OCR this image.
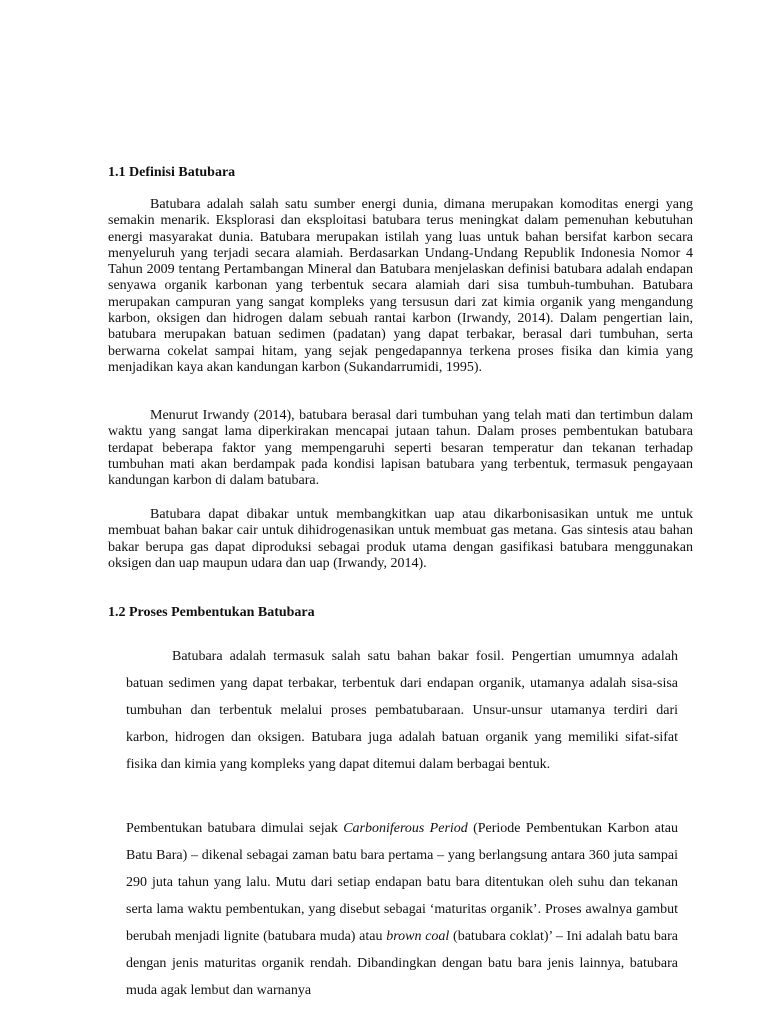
1.1 Definisi Batubara

Batubara adalah salah satu sumber energi dunia, dimana merupakan komoditas energi yang semakin menarik. Eksplorasi dan eksploitasi batubara terus meningkat dalam pemenuhan kebutuhan energi masyarakat dunia. Batubara merupakan istilah yang luas untuk bahan bersifat karbon secara menyeluruh yang terjadi secara alamiah. Berdasarkan Undang-Undang Republik Indonesia Nomor 4 Tahun 2009 tentang Pertambangan Mineral dan Batubara menjelaskan definisi batubara adalah endapan senyawa organik karbonan yang terbentuk secara alamiah dari sisa tumbuh-tumbuhan. Batubara merupakan campuran yang sangat kompleks yang tersusun dari zat kimia organik yang mengandung karbon, oksigen dan hidrogen dalam sebuah rantai karbon (Irwandy, 2014). Dalam pengertian lain, batubara merupakan batuan sedimen (padatan) yang dapat terbakar, berasal dari tumbuhan, serta berwarna cokelat sampai hitam, yang sejak pengedapannya terkena proses fisika dan kimia yang menjadikan kaya akan kandungan karbon (Sukandarrumidi, 1995).

Menurut Irwandy (2014), batubara berasal dari tumbuhan yang telah mati dan tertimbun dalam waktu yang sangat lama diperkirakan mencapai jutaan tahun. Dalam proses pembentukan batubara terdapat beberapa faktor yang mempengaruhi seperti besaran temperatur dan tekanan terhadap tumbuhan mati akan berdampak pada kondisi lapisan batubara yang terbentuk, termasuk pengayaan kandungan karbon di dalam batubara.

Batubara dapat dibakar untuk membangkitkan uap atau dikarbonisasikan untuk me untuk membuat bahan bakar cair untuk dihidrogenasikan untuk membuat gas metana. Gas sintesis atau bahan bakar berupa gas dapat diproduksi sebagai produk utama dengan gasifikasi batubara menggunakan oksigen dan uap maupun udara dan uap (Irwandy, 2014).

1.2 Proses Pembentukan Batubara

Batubara adalah termasuk salah satu bahan bakar fosil. Pengertian umumnya adalah batuan sedimen yang dapat terbakar, terbentuk dari endapan organik, utamanya adalah sisa-sisa tumbuhan dan terbentuk melalui proses pembatubaraan. Unsur-unsur utamanya terdiri dari karbon, hidrogen dan oksigen. Batubara juga adalah batuan organik yang memiliki sifat-sifat fisika dan kimia yang kompleks yang dapat ditemui dalam berbagai bentuk.

Pembentukan batubara dimulai sejak Carboniferous Period (Periode Pembentukan Karbon atau Batu Bara) – dikenal sebagai zaman batu bara pertama – yang berlangsung antara 360 juta sampai 290 juta tahun yang lalu. Mutu dari setiap endapan batu bara ditentukan oleh suhu dan tekanan serta lama waktu pembentukan, yang disebut sebagai ‘maturitas organik’. Proses awalnya gambut berubah menjadi lignite (batubara muda) atau brown coal (batubara coklat)’ – Ini adalah batu bara dengan jenis maturitas organik rendah. Dibandingkan dengan batu bara jenis lainnya, batubara muda agak lembut dan warnanya
